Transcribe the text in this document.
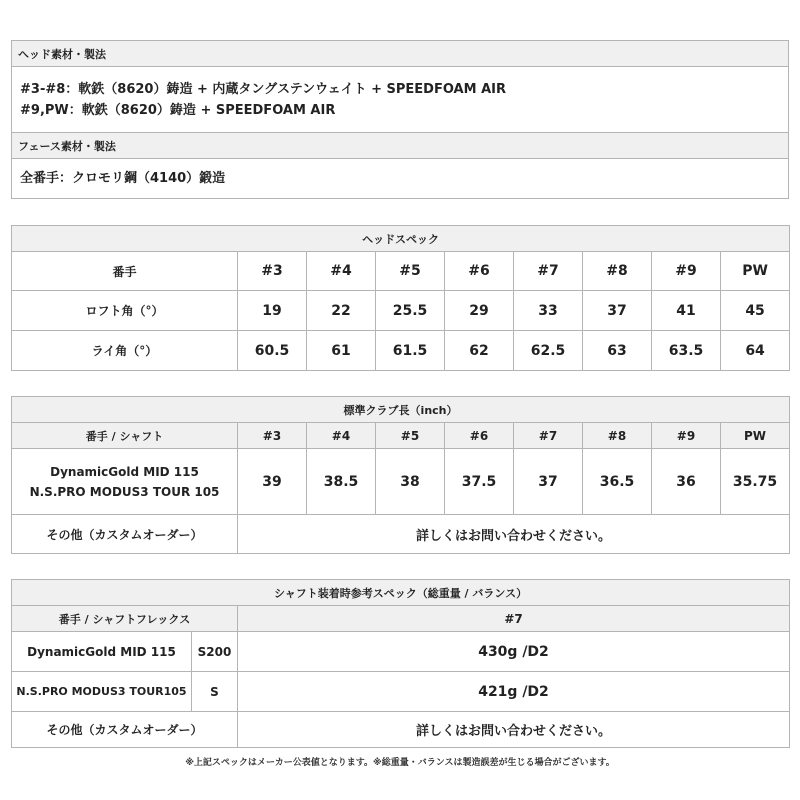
ヘッド素材・製法
#3-#8：軟鉄（8620）鋳造 + 内蔵タングステンウェイト + SPEEDFOAM AIR
#9,PW：軟鉄（8620）鋳造 + SPEEDFOAM AIR
フェース素材・製法
全番手：クロモリ鋼（4140）鍛造
ヘッドスペック								
番手	#3	#4	#5	#6	#7	#8	#9	PW
ロフト角（°）	19	22	25.5	29	33	37	41	45
ライ角（°）	60.5	61	61.5	62	62.5	63	63.5	64
標準クラブ長（inch）								
番手 / シャフト	#3	#4	#5	#6	#7	#8	#9	PW

DynamicGold MID 115
N.S.PRO MODUS3 TOUR 105	39	38.5	38	37.5	37	36.5	36	35.75
その他（カスタムオーダー）	詳しくはお問い合わせください。							
シャフト装着時参考スペック（総重量 / バランス）		
番手 / シャフトフレックス		#7
DynamicGold MID 115	S200	430g /D2
N.S.PRO MODUS3 TOUR105	S	421g /D2
その他（カスタムオーダー）		詳しくはお問い合わせください。
※上記スペックはメーカー公表値となります。※総重量・バランスは製造誤差が生じる場合がございます。
